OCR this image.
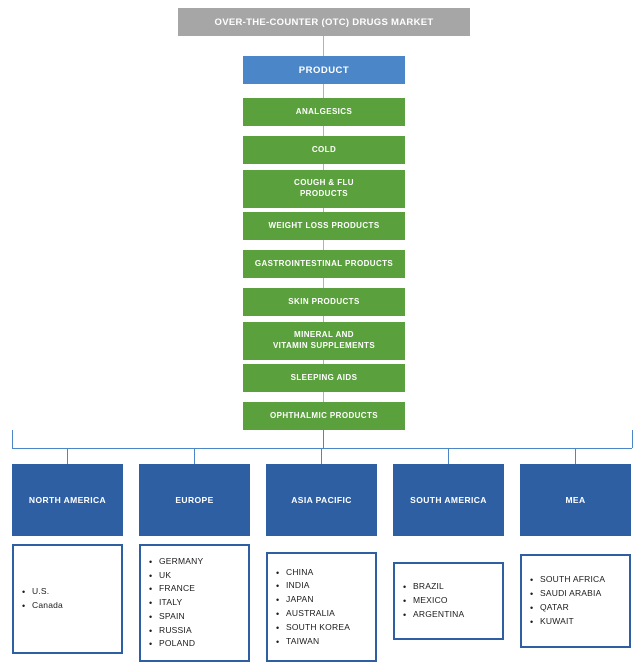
OVER-THE-COUNTER (OTC) DRUGS MARKET
PRODUCT
ANALGESICS
COLD
COUGH & FLU
PRODUCTS
WEIGHT LOSS PRODUCTS
GASTROINTESTINAL PRODUCTS
SKIN PRODUCTS
MINERAL AND
VITAMIN SUPPLEMENTS
SLEEPING AIDS
OPHTHALMIC PRODUCTS
NORTH AMERICA
• U.S.
• Canada
EUROPE
• GERMANY
• UK
• FRANCE
• ITALY
• SPAIN
• RUSSIA
• POLAND
ASIA PACIFIC
• CHINA
• INDIA
• JAPAN
• AUSTRALIA
• SOUTH KOREA
• TAIWAN
SOUTH AMERICA
• BRAZIL
• MEXICO
• ARGENTINA
MEA
• SOUTH AFRICA
• SAUDI ARABIA
• QATAR
• KUWAIT
